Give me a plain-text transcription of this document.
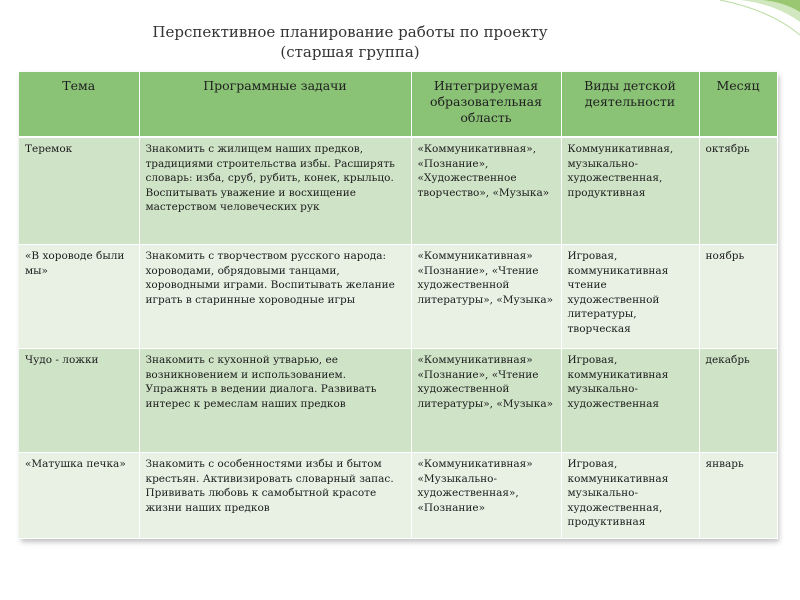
Перспективное планирование работы по проекту
(старшая группа)
Тема	Программные задачи	Интегрируемая образовательная область	Виды детской деятельности	Месяц
Теремок	Знакомить с жилищем наших предков, традициями строительства избы. Расширять словарь: изба, сруб, рубить, конек, крыльцо. Воспитывать уважение и восхищение мастерством человеческих рук	«Коммуникативная», «Познание», «Художественное творчество», «Музыка»	Коммуникативная, музыкально-художественная, продуктивная	октябрь
«В хороводе были мы»	Знакомить с творчеством русского народа: хороводами, обрядовыми танцами, хороводными играми. Воспитывать желание играть в старинные хороводные игры	«Коммуникативная» «Познание», «Чтение художественной литературы», «Музыка»	Игровая, коммуникативная чтение художественной литературы, творческая	ноябрь
Чудо - ложки	Знакомить с кухонной утварью, ее возникновением и использованием. Упражнять в ведении диалога. Развивать интерес к ремеслам наших предков	«Коммуникативная» «Познание», «Чтение художественной литературы», «Музыка»	Игровая, коммуникативная музыкально-художественная	декабрь
«Матушка печка»	Знакомить с особенностями избы и бытом крестьян. Активизировать словарный запас. Прививать любовь к самобытной красоте жизни наших предков	«Коммуникативная» «Музыкально-художественная», «Познание»	Игровая, коммуникативная музыкально-художественная, продуктивная	январь
